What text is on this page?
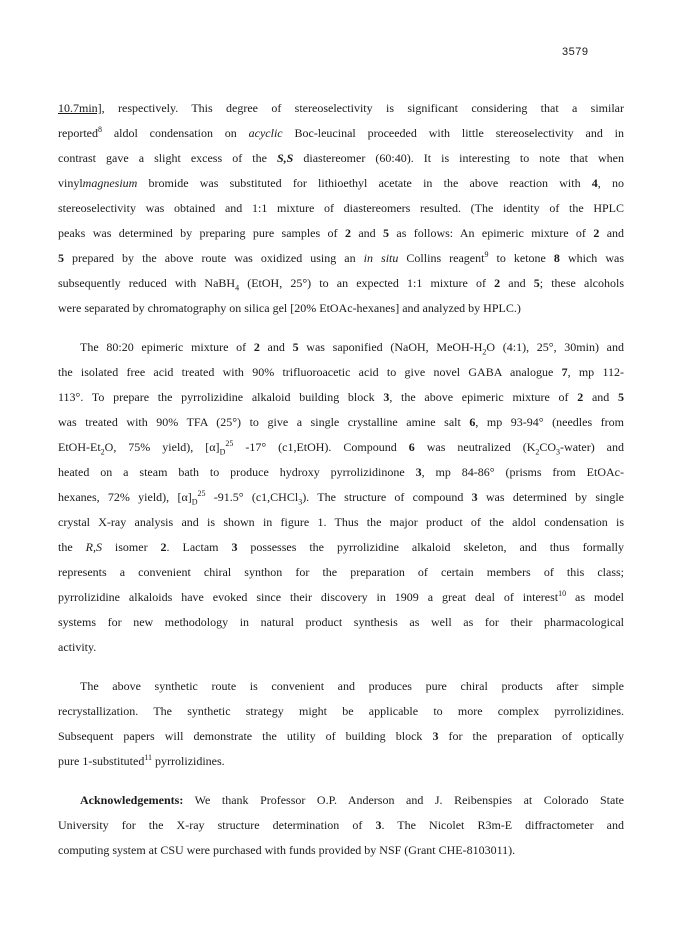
3579
10.7min], respectively. This degree of stereoselectivity is significant considering that a similar
reported$^8$ aldol condensation on acyclic Boc-leucinal proceeded with little stereoselectivity and in
contrast gave a slight excess of the S,S diastereomer (60:40). It is interesting to note that when
vinylmagnesium bromide was substituted for lithioethyl acetate in the above reaction with 4, no
stereoselectivity was obtained and 1:1 mixture of diastereomers resulted. (The identity of the HPLC
peaks was determined by preparing pure samples of 2 and 5 as follows: An epimeric mixture of 2 and
5 prepared by the above route was oxidized using an in situ Collins reagent$^9$ to ketone 8 which was
subsequently reduced with NaBH$_4$ (EtOH, 25°) to an expected 1:1 mixture of 2 and 5; these alcohols
were separated by chromatography on silica gel [20% EtOAc-hexanes] and analyzed by HPLC.)
The 80:20 epimeric mixture of 2 and 5 was saponified (NaOH, MeOH-$H_2O$ (4:1), 25°, 30min) and
the isolated free acid treated with 90% trifluoroacetic acid to give novel GABA analogue 7, mp 112-
113°. To prepare the pyrrolizidine alkaloid building block 3, the above epimeric mixture of 2 and 5
was treated with 90% TFA (25°) to give a single crystalline amine salt 6, mp 93-94° (needles from
EtOH-$Et_2O$, 75% yield), $[\alpha]_D^{25}$ -17° (c1,EtOH). Compound 6 was neutralized $(K_2CO_3-water)$ and
heated on a steam bath to produce hydroxy pyrrolizidinone 3, mp 84-86° (prisms from EtOAc-
hexanes, 72% yield), $[\alpha]_D^{25}$ -91.5° (c1,CHCl$_3$). The structure of compound 3 was determined by single
crystal X-ray analysis and is shown in figure 1. Thus the major product of the aldol condensation is
the R,S isomer 2. Lactam 3 possesses the pyrrolizidine alkaloid skeleton, and thus formally
represents a convenient chiral synthon for the preparation of certain members of this class;
pyrrolizidine alkaloids have evoked since their discovery in 1909 a great deal of interest$^{10}$ as model
systems for new methodology in natural product synthesis as well as for their pharmacological
activity.
The above synthetic route is convenient and produces pure chiral products after simple
recrystallization. The synthetic strategy might be applicable to more complex pyrrolizidines.
Subsequent papers will demonstrate the utility of building block 3 for the preparation of optically
pure 1-substituted$^{11}$ pyrrolizidines.
Acknowledgements: We thank Professor O.P. Anderson and J. Reibenspies at Colorado State
University for the X-ray structure determination of 3. The Nicolet R3m-E diffractometer and
computing system at CSU were purchased with funds provided by NSF (Grant CHE-8103011).
